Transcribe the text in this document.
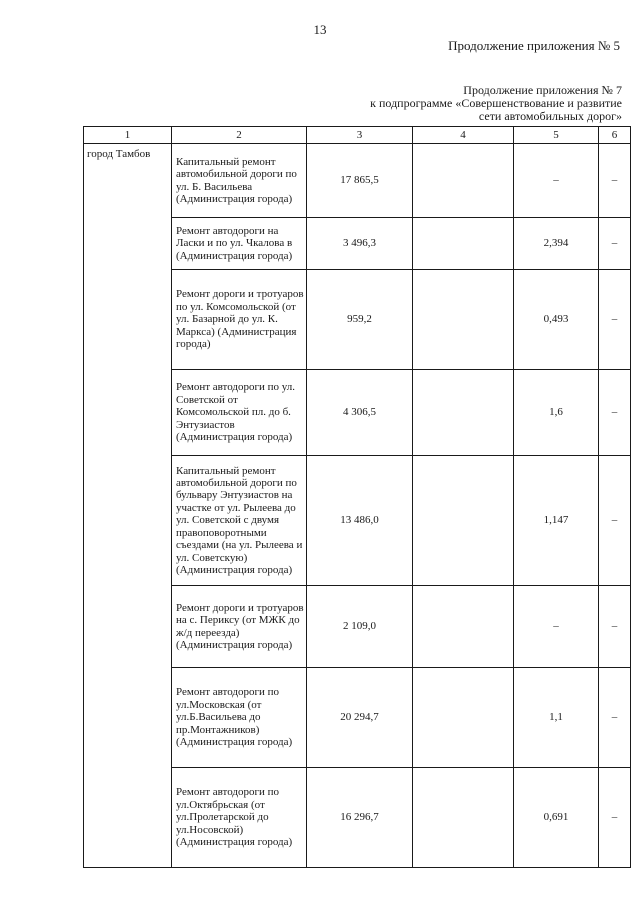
13
Продолжение приложения № 5
Продолжение приложения № 7
к подпрограмме «Совершенствование и развитие
сети автомобильных дорог»
1	2	3	4	5	6
город Тамбов	Капитальный ремонт автомобильной дороги по ул. Б. Васильева (Администрация города)	17 865,5		–	–
	Ремонт автодороги на Ласки и по ул. Чкалова в (Администрация города)	3 496,3		2,394	–
	Ремонт дороги и тротуаров по ул. Комсомольской (от ул. Базарной до ул. К. Маркса) (Администрация города)	959,2		0,493	–
	Ремонт автодороги по ул. Советской от Комсомольской пл. до б. Энтузиастов (Администрация города)	4 306,5		1,6	–
	Капитальный ремонт автомобильной дороги по бульвару Энтузиастов на участке от ул. Рылеева до ул. Советской с двумя правоповоротными съездами (на ул. Рылеева и ул. Советскую) (Администрация города)	13 486,0		1,147	–
	Ремонт дороги и тротуаров на с. Периксу (от МЖК до ж/д переезда) (Администрация города)	2 109,0		–	–
	Ремонт автодороги по ул.Московская (от ул.Б.Васильева до пр.Монтажников) (Администрация города)	20 294,7		1,1	–
	Ремонт автодороги по ул.Октябрьская (от ул.Пролетарской до ул.Носовской) (Администрация города)	16 296,7		0,691	–
